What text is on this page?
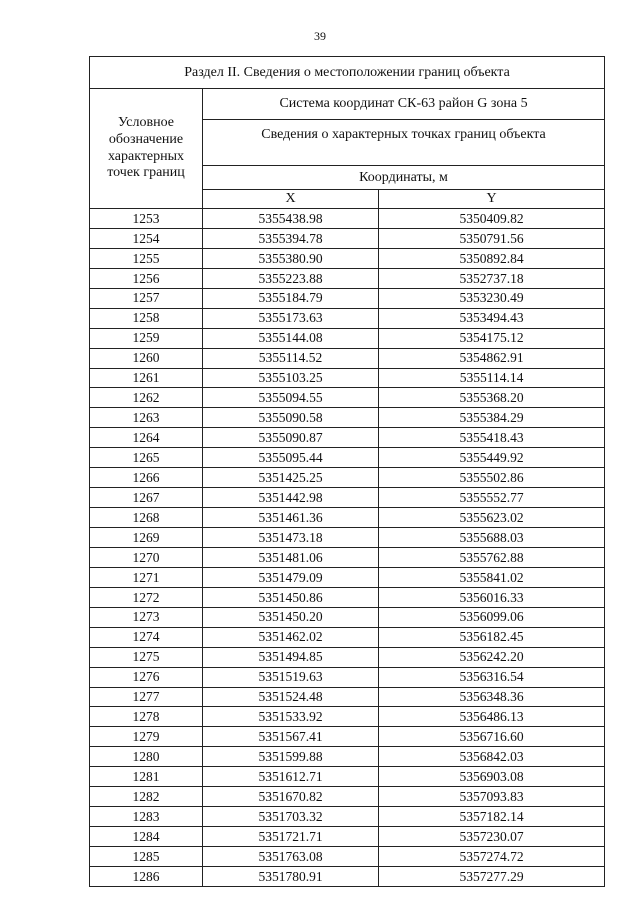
39
Раздел II. Сведения о местоположении границ объекта		
Условное обозначение характерных точек границ	Система координат СК-63 район G зона 5	
	Сведения о характерных точках границ объекта	
	Координаты, м	
	X	Y
1253	5355438.98	5350409.82
1254	5355394.78	5350791.56
1255	5355380.90	5350892.84
1256	5355223.88	5352737.18
1257	5355184.79	5353230.49
1258	5355173.63	5353494.43
1259	5355144.08	5354175.12
1260	5355114.52	5354862.91
1261	5355103.25	5355114.14
1262	5355094.55	5355368.20
1263	5355090.58	5355384.29
1264	5355090.87	5355418.43
1265	5355095.44	5355449.92
1266	5351425.25	5355502.86
1267	5351442.98	5355552.77
1268	5351461.36	5355623.02
1269	5351473.18	5355688.03
1270	5351481.06	5355762.88
1271	5351479.09	5355841.02
1272	5351450.86	5356016.33
1273	5351450.20	5356099.06
1274	5351462.02	5356182.45
1275	5351494.85	5356242.20
1276	5351519.63	5356316.54
1277	5351524.48	5356348.36
1278	5351533.92	5356486.13
1279	5351567.41	5356716.60
1280	5351599.88	5356842.03
1281	5351612.71	5356903.08
1282	5351670.82	5357093.83
1283	5351703.32	5357182.14
1284	5351721.71	5357230.07
1285	5351763.08	5357274.72
1286	5351780.91	5357277.29
